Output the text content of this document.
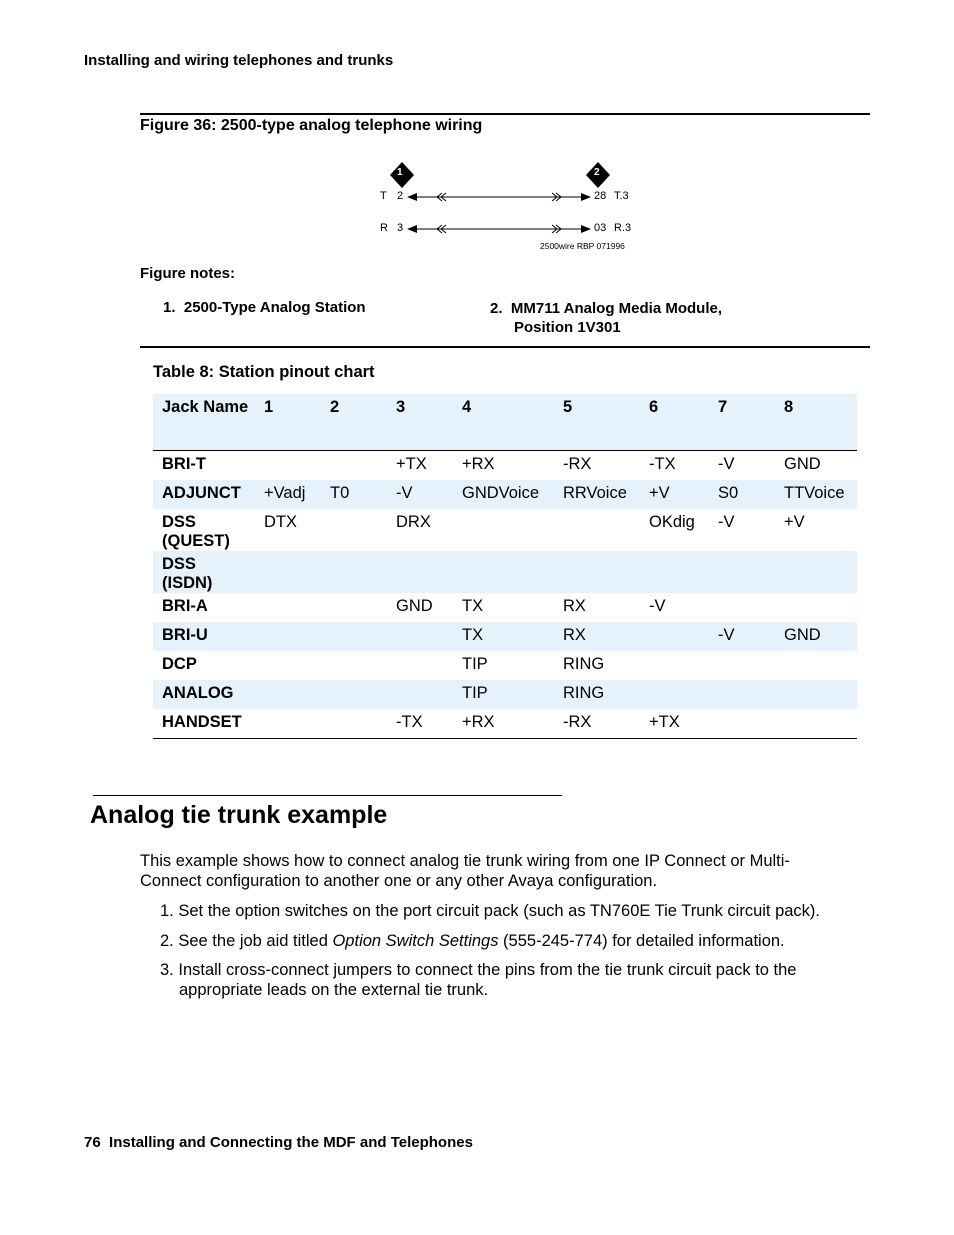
Installing and wiring telephones and trunks
Figure 36: 2500-type analog telephone wiring
1	2
T 2
R 3
28 T.3
03 R.3
2500wire RBP 071996
Figure notes:
1. 2500-Type Analog Station	2. MM711 Analog Media Module,
Position 1V301
Table 8: Station pinout chart
Jack Name	1	2	3	4	5	6	7	8
BRI-T			+TX	+RX	-RX	-TX	-V	GND
ADJUNCT	+Vadj	T0	-V	GNDVoice	RRVoice	+V	S0	TTVoice
DSS
(QUEST)	DTX		DRX			OKdig	-V	+V
DSS
(ISDN)								
BRI-A			GND	TX	RX	-V		
BRI-U				TX	RX		-V	GND
DCP				TIP	RING			
ANALOG				TIP	RING			
HANDSET			-TX	+RX	-RX	+TX		
Analog tie trunk example
This example shows how to connect analog tie trunk wiring from one IP Connect or Multi-Connect configuration to another one or any other Avaya configuration.
1. Set the option switches on the port circuit pack (such as TN760E Tie Trunk circuit pack).
2. See the job aid titled Option Switch Settings (555-245-774) for detailed information.
3. Install cross-connect jumpers to connect the pins from the tie trunk circuit pack to the appropriate leads on the external tie trunk.
76 Installing and Connecting the MDF and Telephones
